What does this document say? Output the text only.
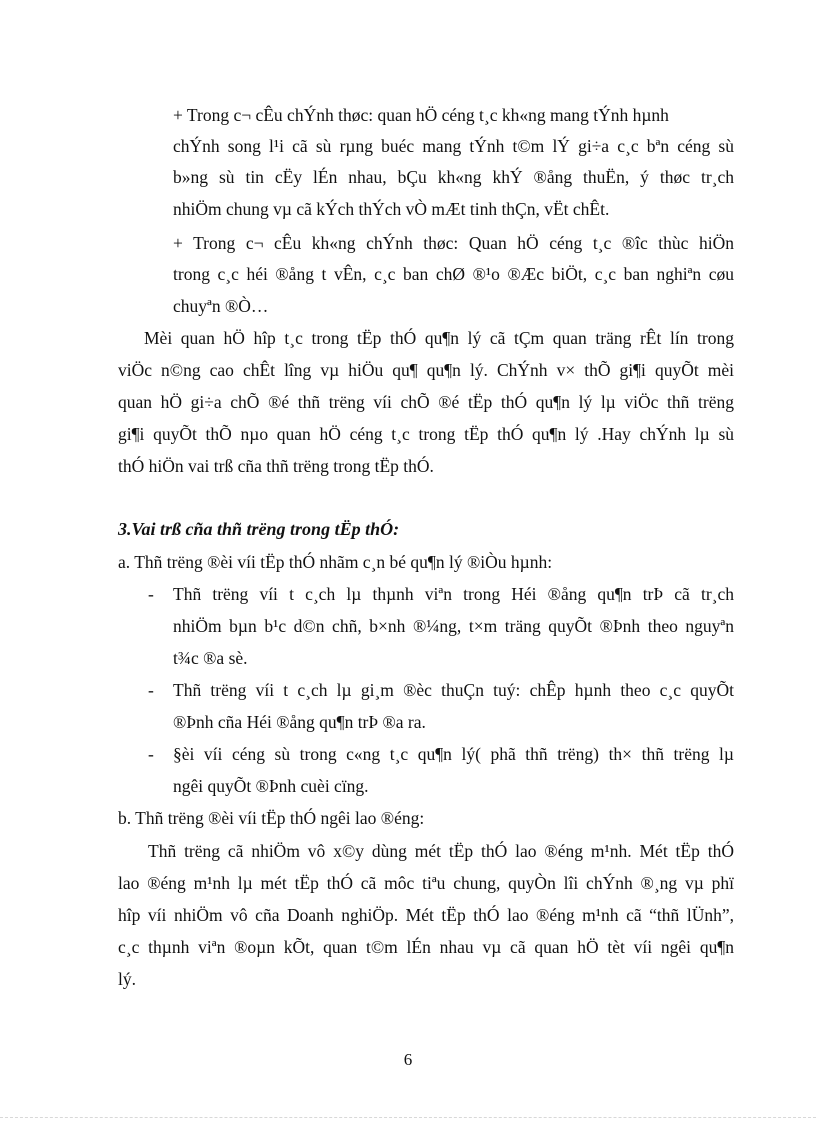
+ Trong c¬ cÊu chÝnh thøc: quan hÖ céng t¸c kh«ng mang tÝnh hµnh
chÝnh song l¹i cã sù rµng buéc mang tÝnh t©m lÝ gi÷a c¸c bªn céng sù
b»ng sù tin cËy lÉn nhau, bÇu kh«ng khÝ ®ång thuËn, ý thøc tr¸ch
nhiÖm chung vµ cã kÝch thÝch vÒ mÆt tinh thÇn, vËt chÊt.
+ Trong c¬ cÊu kh«ng chÝnh thøc: Quan hÖ céng t¸c ®îc thùc hiÖn
trong c¸c héi ®ång t vÊn, c¸c ban chØ ®¹o ®Æc biÖt, c¸c ban nghiªn cøu
chuyªn ®Ò…
Mèi quan hÖ hîp t¸c trong tËp thÓ qu¶n lý cã tÇm quan träng rÊt lín trong
viÖc n©ng cao chÊt lîng vµ hiÖu qu¶ qu¶n lý. ChÝnh v× thÕ gi¶i quyÕt mèi
quan hÖ gi÷a chÕ ®é thñ trëng víi chÕ ®é tËp thÓ qu¶n lý lµ viÖc thñ trëng
gi¶i quyÕt thÕ nµo quan hÖ céng t¸c trong tËp thÓ qu¶n lý .Hay chÝnh lµ sù
thÓ hiÖn vai trß cña thñ trëng trong tËp thÓ.
3.Vai trß cña thñ trëng trong tËp thÓ:
a. Thñ trëng ®èi víi tËp thÓ nhãm c¸n bé qu¶n lý ®iÒu hµnh:
- Thñ trëng víi t c¸ch lµ thµnh viªn trong Héi ®ång qu¶n trÞ cã tr¸ch
nhiÖm bµn b¹c d©n chñ, b×nh ®¼ng, t×m träng quyÕt ®Þnh theo nguyªn
t¾c ®a sè.
- Thñ trëng víi t c¸ch lµ gi¸m ®èc thuÇn tuý: chÊp hµnh theo c¸c quyÕt
®Þnh cña Héi ®ång qu¶n trÞ ®a ra.
- §èi víi céng sù trong c«ng t¸c qu¶n lý( phã thñ trëng) th× thñ trëng lµ
ngêi quyÕt ®Þnh cuèi cïng.
b. Thñ trëng ®èi víi tËp thÓ ngêi lao ®éng:
Thñ trëng cã nhiÖm vô x©y dùng mét tËp thÓ lao ®éng m¹nh. Mét tËp thÓ
lao ®éng m¹nh lµ mét tËp thÓ cã môc tiªu chung, quyÒn lîi chÝnh ®¸ng vµ phï
hîp víi nhiÖm vô cña Doanh nghiÖp. Mét tËp thÓ lao ®éng m¹nh cã “thñ lÜnh”,
c¸c thµnh viªn ®oµn kÕt, quan t©m lÉn nhau vµ cã quan hÖ tèt víi ngêi qu¶n
lý.
6
